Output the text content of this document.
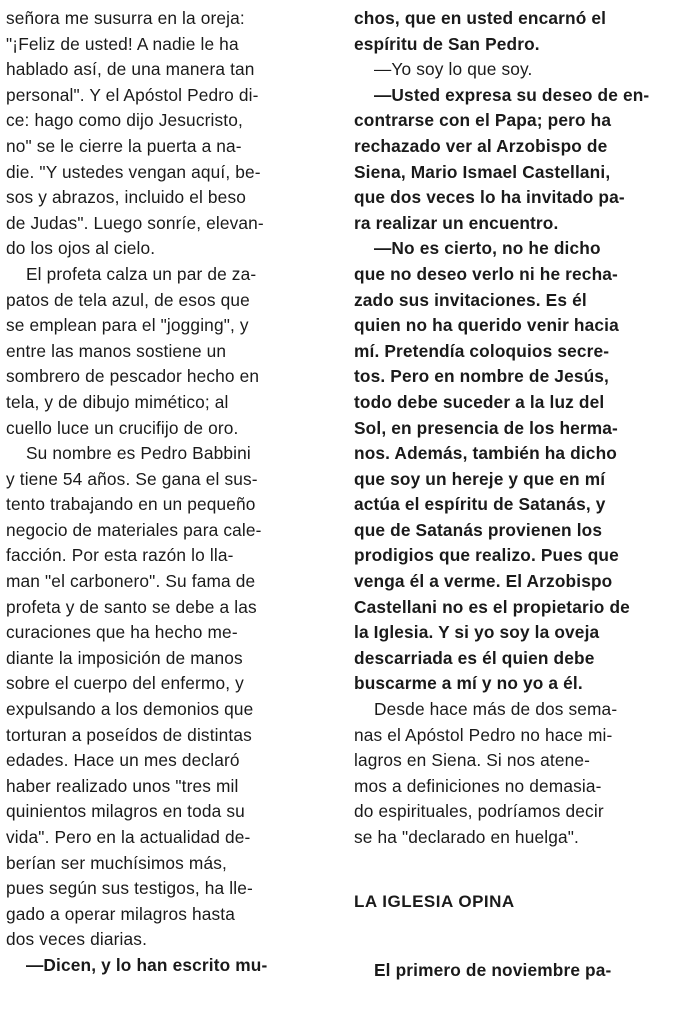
señora me susurra en la oreja:
"¡Feliz de usted! A nadie le ha
hablado así, de una manera tan
personal". Y el Apóstol Pedro di-
ce: hago como dijo Jesucristo,
no" se le cierre la puerta a na-
die. "Y ustedes vengan aquí, be-
sos y abrazos, incluido el beso
de Judas". Luego sonríe, elevan-
do los ojos al cielo.
El profeta calza un par de za-
patos de tela azul, de esos que
se emplean para el "jogging", y
entre las manos sostiene un
sombrero de pescador hecho en
tela, y de dibujo mimético; al
cuello luce un crucifijo de oro.
Su nombre es Pedro Babbini
y tiene 54 años. Se gana el sus-
tento trabajando en un pequeño
negocio de materiales para cale-
facción. Por esta razón lo lla-
man "el carbonero". Su fama de
profeta y de santo se debe a las
curaciones que ha hecho me-
diante la imposición de manos
sobre el cuerpo del enfermo, y
expulsando a los demonios que
torturan a poseídos de distintas
edades. Hace un mes declaró
haber realizado unos "tres mil
quinientos milagros en toda su
vida". Pero en la actualidad de-
berían ser muchísimos más,
pues según sus testigos, ha lle-
gado a operar milagros hasta
dos veces diarias.
—Dicen, y lo han escrito mu-
chos, que en usted encarnó el
espíritu de San Pedro.
—Yo soy lo que soy.
—Usted expresa su deseo de en-
contrarse con el Papa; pero ha
rechazado ver al Arzobispo de
Siena, Mario Ismael Castellani,
que dos veces lo ha invitado pa-
ra realizar un encuentro.
—No es cierto, no he dicho
que no deseo verlo ni he recha-
zado sus invitaciones. Es él
quien no ha querido venir hacia
mí. Pretendía coloquios secre-
tos. Pero en nombre de Jesús,
todo debe suceder a la luz del
Sol, en presencia de los herma-
nos. Además, también ha dicho
que soy un hereje y que en mí
actúa el espíritu de Satanás, y
que de Satanás provienen los
prodigios que realizo. Pues que
venga él a verme. El Arzobispo
Castellani no es el propietario de
la Iglesia. Y si yo soy la oveja
descarriada es él quien debe
buscarme a mí y no yo a él.
Desde hace más de dos sema-
nas el Apóstol Pedro no hace mi-
lagros en Siena. Si nos atene-
mos a definiciones no demasia-
do espirituales, podríamos decir
se ha "declarado en huelga".
LA IGLESIA OPINA
El primero de noviembre pa-
